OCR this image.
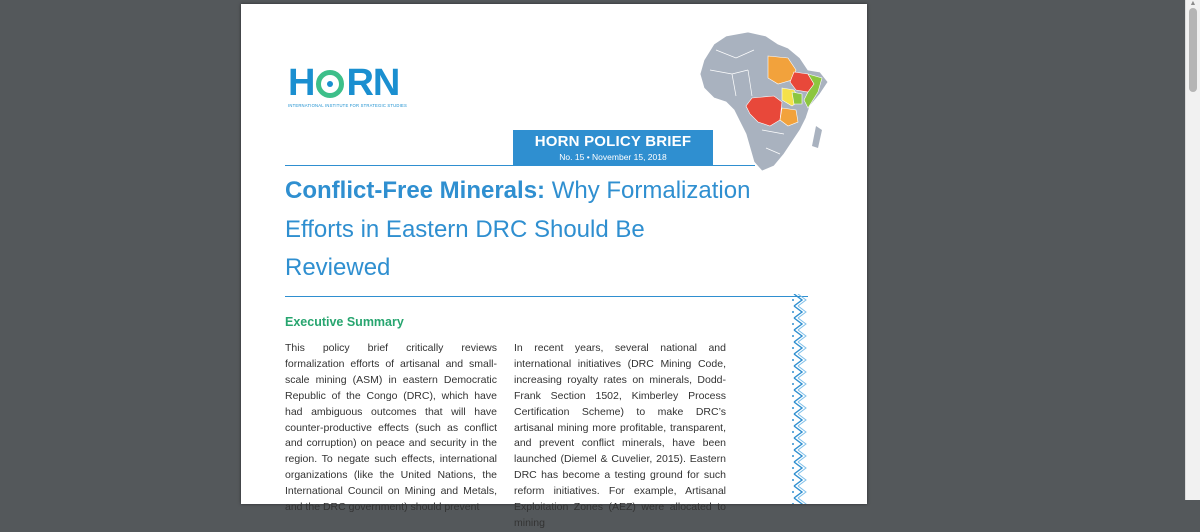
H RN
INTERNATIONAL INSTITUTE FOR STRATEGIC STUDIES
HORN POLICY BRIEF
No. 15 • November 15, 2018
Conflict-Free Minerals: Why Formalization Efforts in Eastern DRC Should Be Reviewed
Executive Summary
This policy brief critically reviews formalization efforts of artisanal and small-scale mining (ASM) in eastern Democratic Republic of the Congo (DRC), which have had ambiguous outcomes that will have counter-productive effects (such as conflict and corruption) on peace and security in the region. To negate such effects, international organizations (like the United Nations, the International Council on Mining and Metals, and the DRC government) should prevent
In recent years, several national and international initiatives (DRC Mining Code, increasing royalty rates on minerals, Dodd-Frank Section 1502, Kimberley Process Certification Scheme) to make DRC’s artisanal mining more profitable, transparent, and prevent conflict minerals, have been launched (Diemel & Cuvelier, 2015). Eastern DRC has become a testing ground for such reform initiatives. For example, Artisanal Exploitation Zones (AEZ) were allocated to mining
▲
